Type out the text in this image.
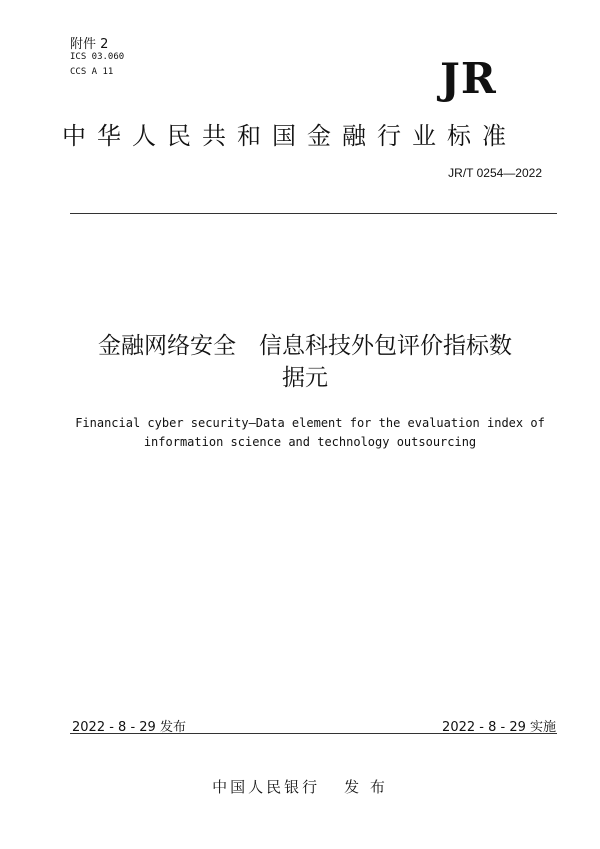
附件 2
ICS 03.060
CCS A 11	JR
中华人民共和国金融行业标准
JR/T 0254—2022
金融网络安全　信息科技外包评价指标数
据元
Financial cyber security—Data element for the evaluation index of
information science and technology outsourcing
2022 - 8 - 29 发布	2022 - 8 - 29 实施
中国人民银行 发 布
